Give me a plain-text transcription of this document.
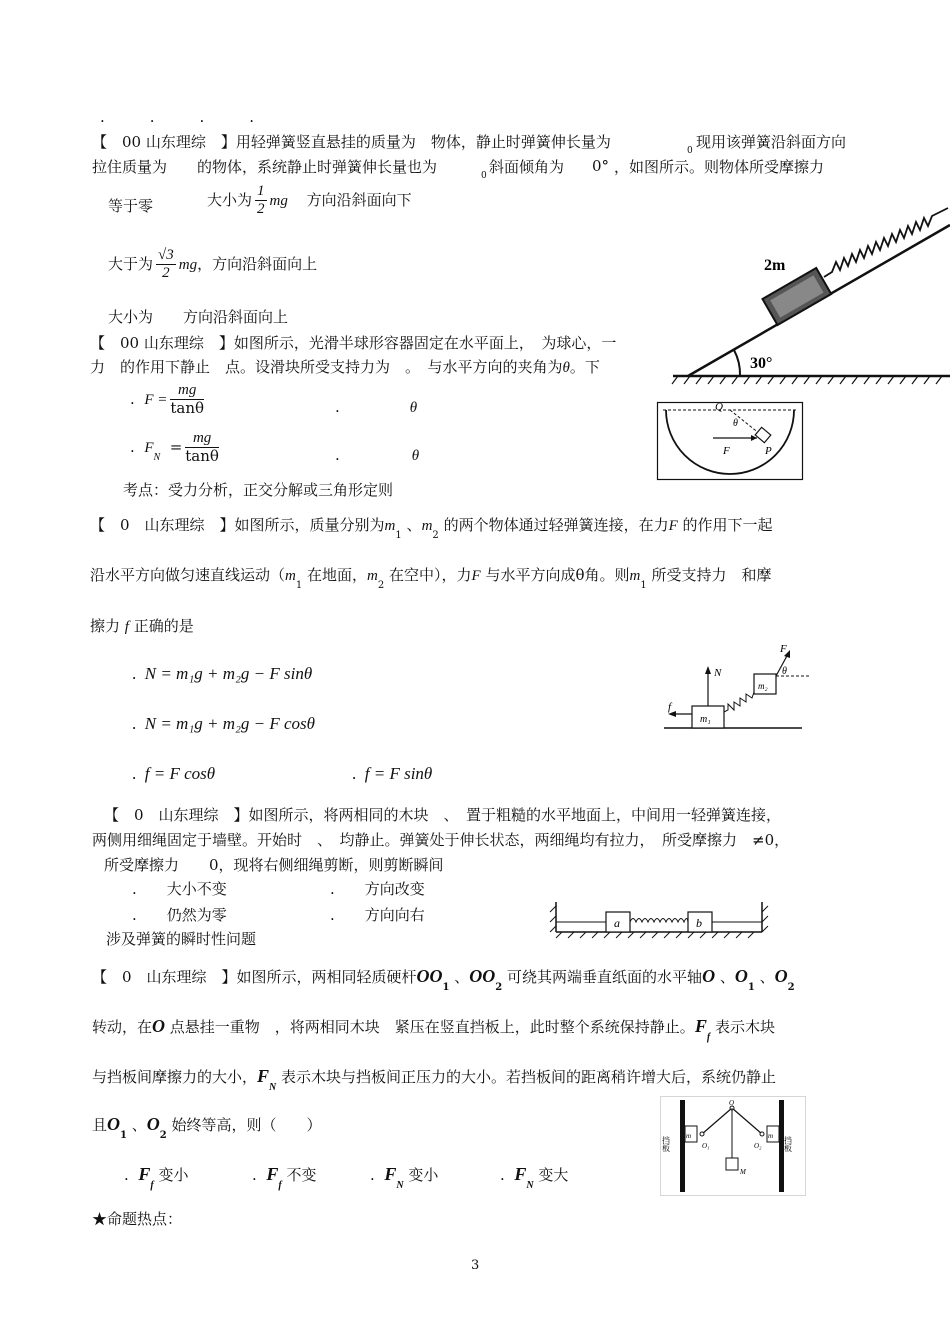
.　　　.　　　.　　　.
【　00 山东理综　】用轻弹簧竖直悬挂的质量为　物体，静止时弹簧伸长量为	0 现用该弹簧沿斜面方向
拉住质量为　　的物体，系统静止时弹簧伸长量也为	0 斜面倾角为 0° ，如图所示。则物体所受摩擦力
等于零	大小为 $\frac{1}{2}$ mg 方向沿斜面向下
大于为 $\frac{√3}{2}$ mg，方向沿斜面向上
大小为　　方向沿斜面向上
30°
2m
【　00 山东理综　】如图所示，光滑半球形容器固定在水平面上，　为球心，一
力　的作用下静止　点。设滑块所受支持力为　。　与水平方向的夹角为θ。下
.  $F = \frac{mg}{\tan\theta}$	.	θ
.  $F_N = \frac{mg}{\tan\theta}$	.	θ
考点：受力分析，正交分解或三角形定则
Q
θ
F	P
【　0　山东理综　】如图所示，质量分别为$m_1$ 、$m_2$ 的两个物体通过轻弹簧连接，在力F 的作用下一起
沿水平方向做匀速直线运动（$m_1$ 在地面，$m_2$ 在空中），力F 与水平方向成θ角。则$m_1$ 所受支持力　和摩
擦力 f 正确的是
.  N = m₁g + m₂g − F sinθ
.  N = m₁g + m₂g − F cosθ
.  f = F cosθ	.  f = F sinθ
m₁
m₂
N
f
F
θ
【　0　山东理综　】如图所示，将两相同的木块　、　置于粗糙的水平地面上，中间用一轻弹簧连接，
两侧用细绳固定于墙壁。开始时　、　均静止。弹簧处于伸长状态，两细绳均有拉力，　所受摩擦力　≠0，
所受摩擦力　　0，现将右侧细绳剪断，则剪断瞬间
.　　大小不变	.　　方向改变
.　　仍然为零	.　　方向向右
涉及弹簧的瞬时性问题
a	b
【　0　山东理综　】如图所示，两相同轻质硬杆$OO_1$ 、$OO_2$ 可绕其两端垂直纸面的水平轴O 、$O_1$ 、$O_2$
转动，在O 点悬挂一重物　，将两相同木块　紧压在竖直挡板上，此时整个系统保持静止。$F_f$ 表示木块
与挡板间摩擦力的大小，$F_N$ 表示木块与挡板间正压力的大小。若挡板间的距离稍许增大后，系统仍静止
且$O_1$ 、$O_2$ 始终等高，则（　　）
.  $F_f$ 变小	.  $F_f$ 不变	.  $F_N$ 变小	.  $F_N$ 变大
挡板	挡板
m	m
O
O₁	O₂
M
★命题热点：
3
